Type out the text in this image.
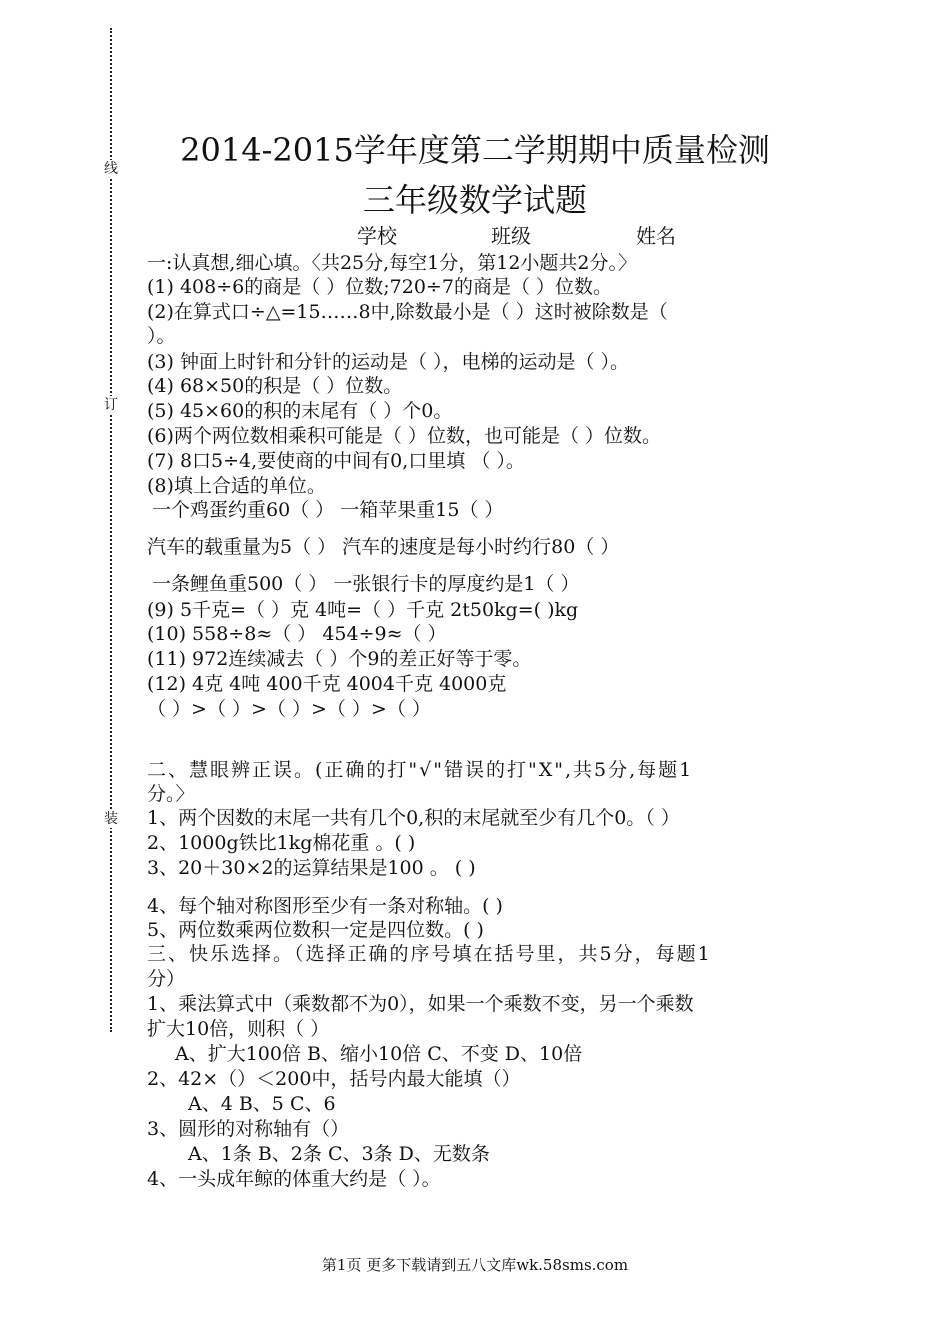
线
订
装
2014-2015学年度第二学期期中质量检测
三年级数学试题
学校	班级	姓名
一:认真想,细心填。〈共25分,每空1分，第12小题共2分。〉
(1) 408÷6的商是（ ）位数;720÷7的商是（ ）位数。
(2)在算式口÷△=15……8中,除数最小是（ ）这时被除数是（
）。
(3) 钟面上时针和分针的运动是（ ），电梯的运动是（ ）。
(4) 68×50的积是（ ）位数。
(5) 45×60的积的末尾有（ ）个0。
(6)两个两位数相乘积可能是（ ）位数，也可能是（ ）位数。
(7) 8口5÷4,要使商的中间有0,口里填 （ ）。
(8)填上合适的单位。
一个鸡蛋约重60（ ） 一箱苹果重15（ ）
汽车的载重量为5（ ） 汽车的速度是每小时约行80（ ）
一条鲤鱼重500（ ） 一张银行卡的厚度约是1（ ）
(9) 5千克=（ ）克 4吨=（ ）千克 2t50kg=( )kg
(10) 558÷8≈（ ） 454÷9≈（ ）
(11) 972连续减去（ ）个9的差正好等于零。
(12) 4克 4吨 400千克 4004千克 4000克
（ ）>（ ）>（ ）>（ ）>（ ）
二、慧眼辨正误。(正确的打"√"错误的打"X",共5分,每题1
分。〉
1、两个因数的末尾一共有几个0,积的末尾就至少有几个0。（ ）
2、1000g铁比1kg棉花重 。( )
3、20＋30×2的运算结果是100 。 ( )
4、每个轴对称图形至少有一条对称轴。( )
5、两位数乘两位数积一定是四位数。( )
三、快乐选择。（选择正确的序号填在括号里，共5分，每题1
分）
1、乘法算式中（乘数都不为0），如果一个乘数不变，另一个乘数
扩大10倍，则积（ ）
A、扩大100倍 B、缩小10倍 C、不变 D、10倍
2、42×（）＜200中，括号内最大能填（）
A、4 B、5 C、6
3、圆形的对称轴有（）
A、1条 B、2条 C、3条 D、无数条
4、一头成年鲸的体重大约是（ ）。
第1页 更多下载请到五八文库wk.58sms.com
